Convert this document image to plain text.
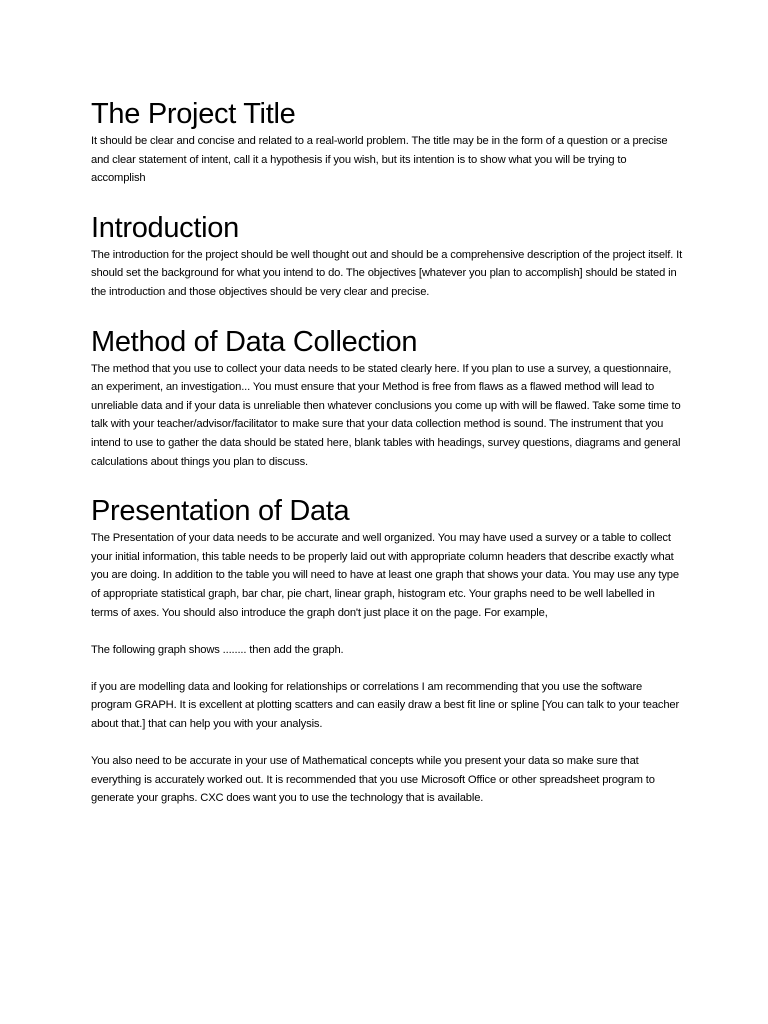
The Project Title

It should be clear and concise and related to a real-world problem. The title may be in the form of a question or a precise and clear statement of intent, call it a hypothesis if you wish, but its intention is to show what you will be trying to accomplish

Introduction

The introduction for the project should be well thought out and should be a comprehensive description of the project itself. It should set the background for what you intend to do. The objectives [whatever you plan to accomplish] should be stated in the introduction and those objectives should be very clear and precise.

Method of Data Collection

The method that you use to collect your data needs to be stated clearly here. If you plan to use a survey, a questionnaire, an experiment, an investigation... You must ensure that your Method is free from flaws as a flawed method will lead to unreliable data and if your data is unreliable then whatever conclusions you come up with will be flawed. Take some time to talk with your teacher/advisor/facilitator to make sure that your data collection method is sound. The instrument that you intend to use to gather the data should be stated here, blank tables with headings, survey questions, diagrams and general calculations about things you plan to discuss.

Presentation of Data

The Presentation of your data needs to be accurate and well organized. You may have used a survey or a table to collect your initial information, this table needs to be properly laid out with appropriate column headers that describe exactly what you are doing. In addition to the table you will need to have at least one graph that shows your data. You may use any type of appropriate statistical graph, bar char, pie chart, linear graph, histogram etc. Your graphs need to be well labelled in terms of axes. You should also introduce the graph don't just place it on the page. For example,

The following graph shows ........ then add the graph.

if you are modelling data and looking for relationships or correlations I am recommending that you use the software program GRAPH. It is excellent at plotting scatters and can easily draw a best fit line or spline [You can talk to your teacher about that.] that can help you with your analysis.

You also need to be accurate in your use of Mathematical concepts while you present your data so make sure that everything is accurately worked out. It is recommended that you use Microsoft Office or other spreadsheet program to generate your graphs. CXC does want you to use the technology that is available.
